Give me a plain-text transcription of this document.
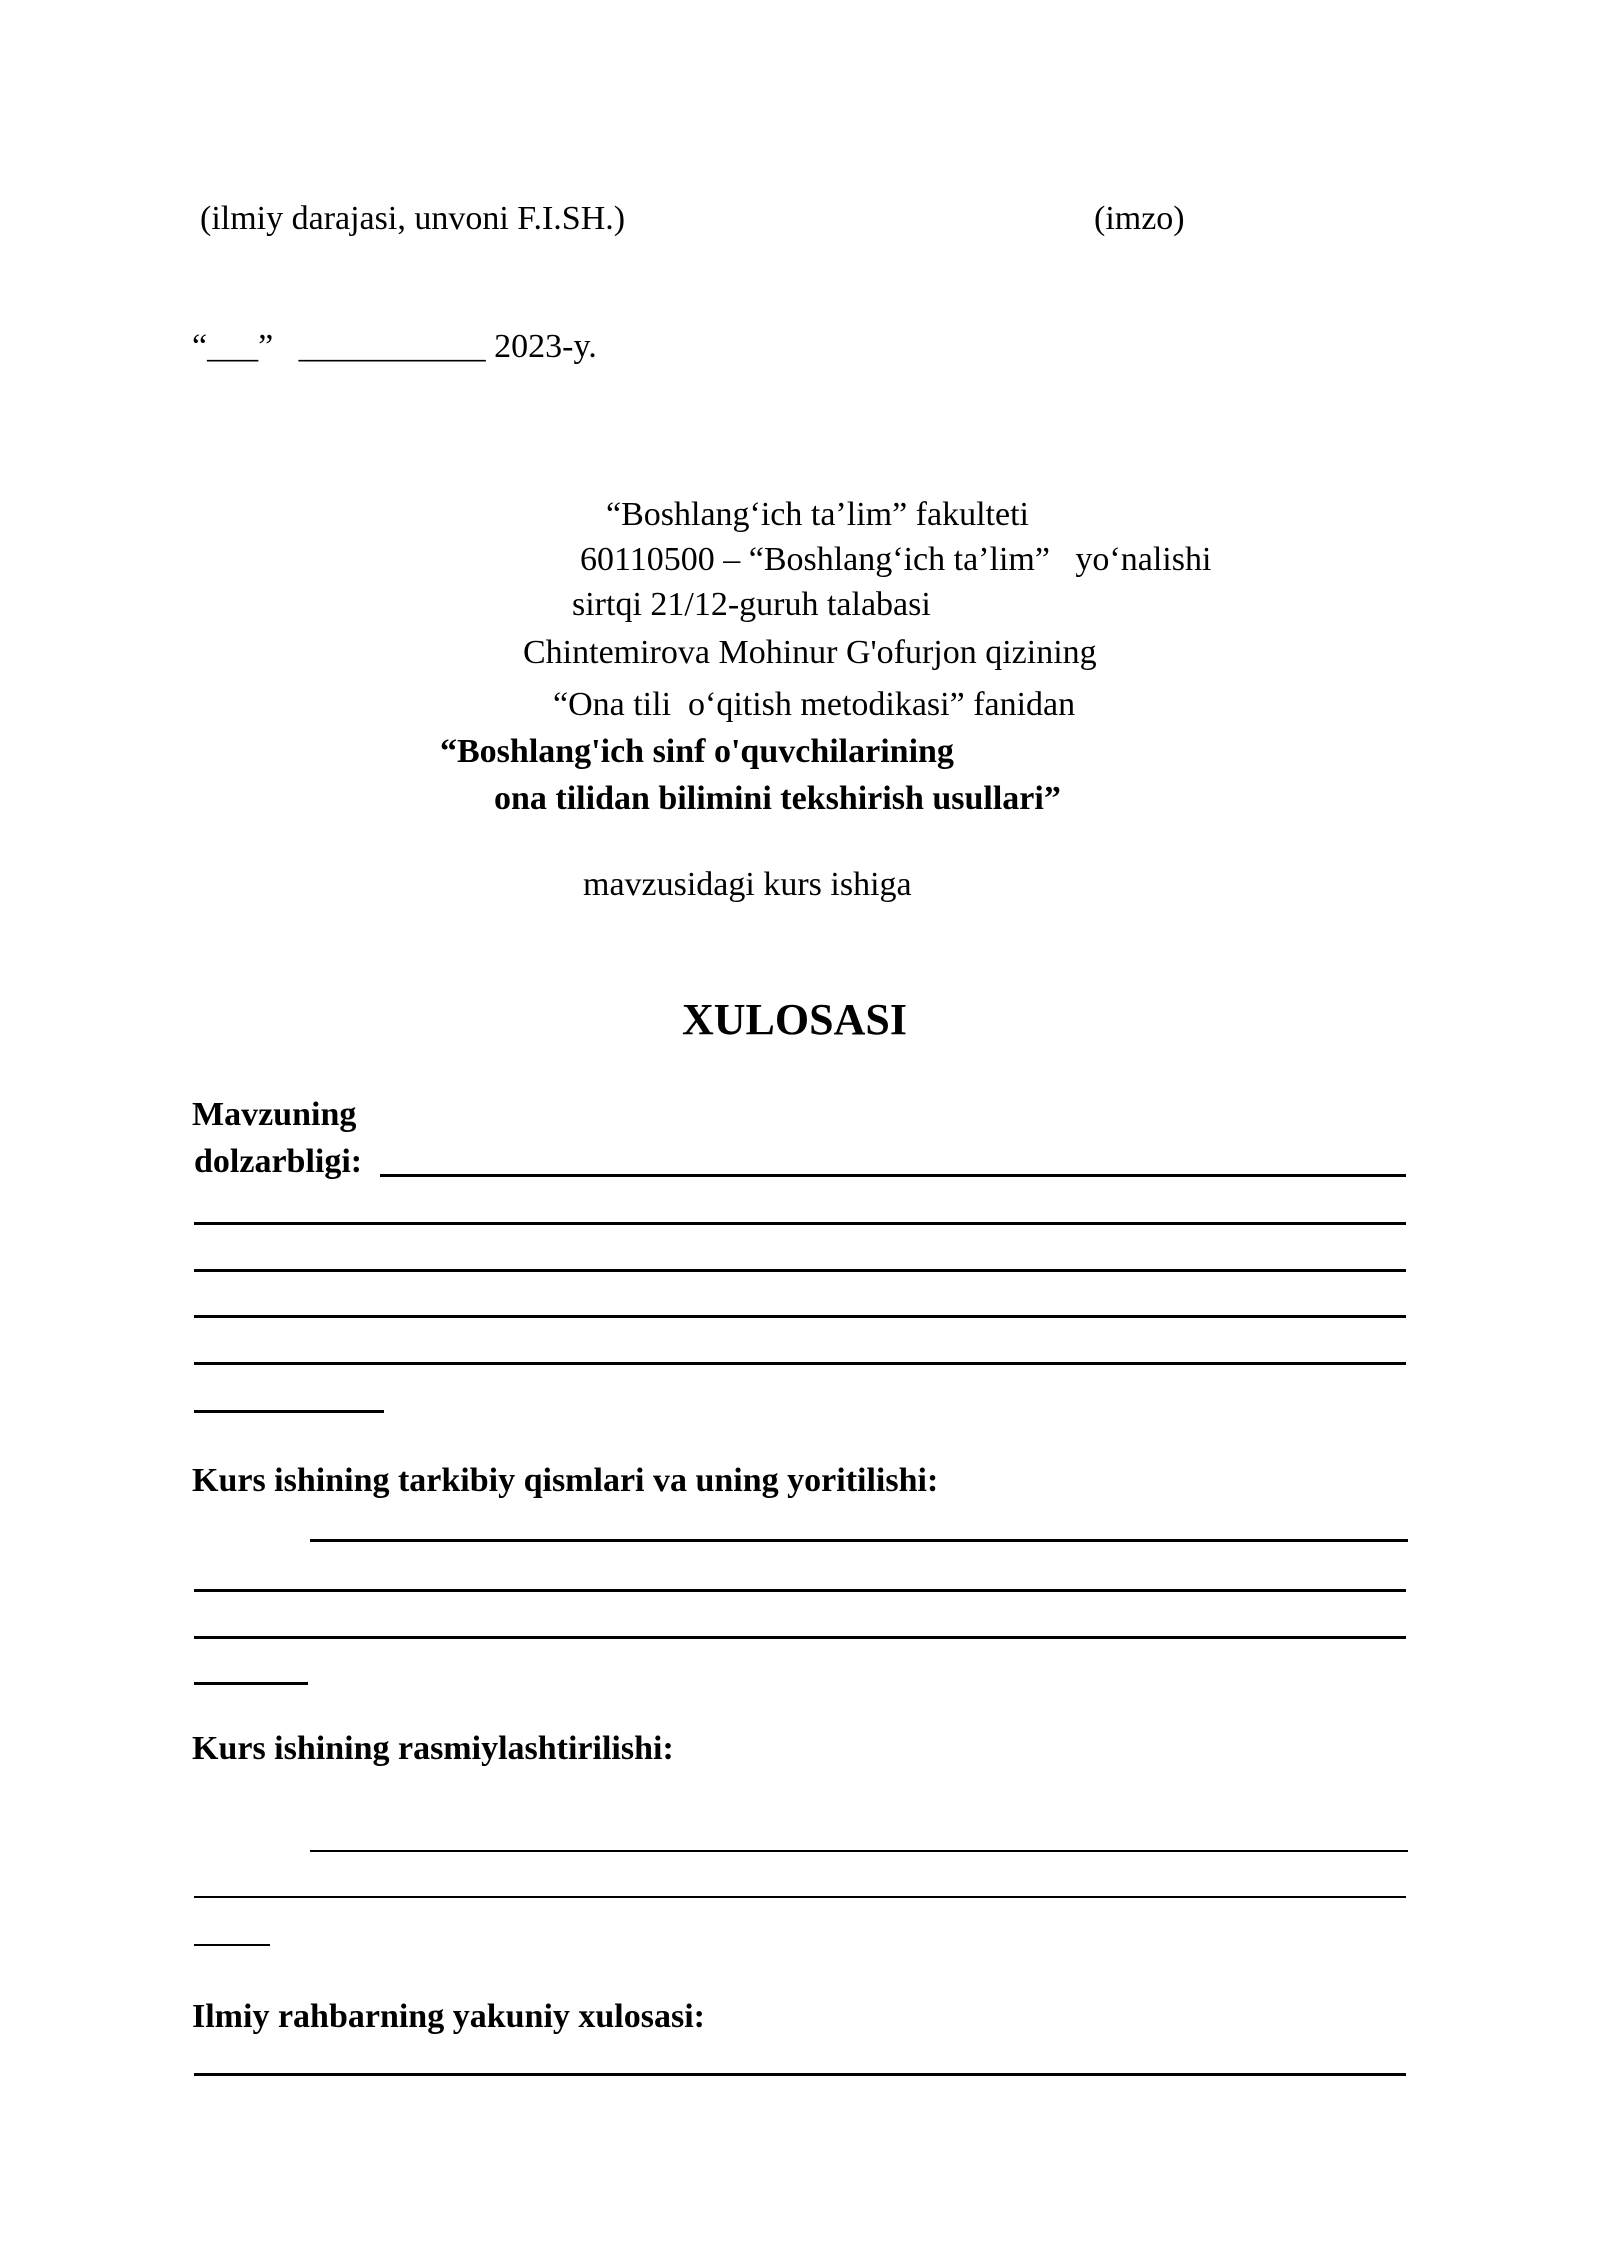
(ilmiy darajasi, unvoni F.I.SH.)	(imzo)
“___”   ___________ 2023-y.
“Boshlang‘ich ta’lim” fakulteti
60110500 – “Boshlang‘ich ta’lim”   yo‘nalishi
sirtqi 21/12-guruh talabasi
Chintemirova Mohinur G'ofurjon qizining
“Ona tili  o‘qitish metodikasi” fanidan
“Boshlang'ich sinf o'quvchilarining
ona tilidan bilimini tekshirish usullari”
mavzusidagi kurs ishiga
XULOSASI
Mavzuning
dolzarbligi:
Kurs ishining tarkibiy qismlari va uning yoritilishi:
Kurs ishining rasmiylashtirilishi:
Ilmiy rahbarning yakuniy xulosasi:
